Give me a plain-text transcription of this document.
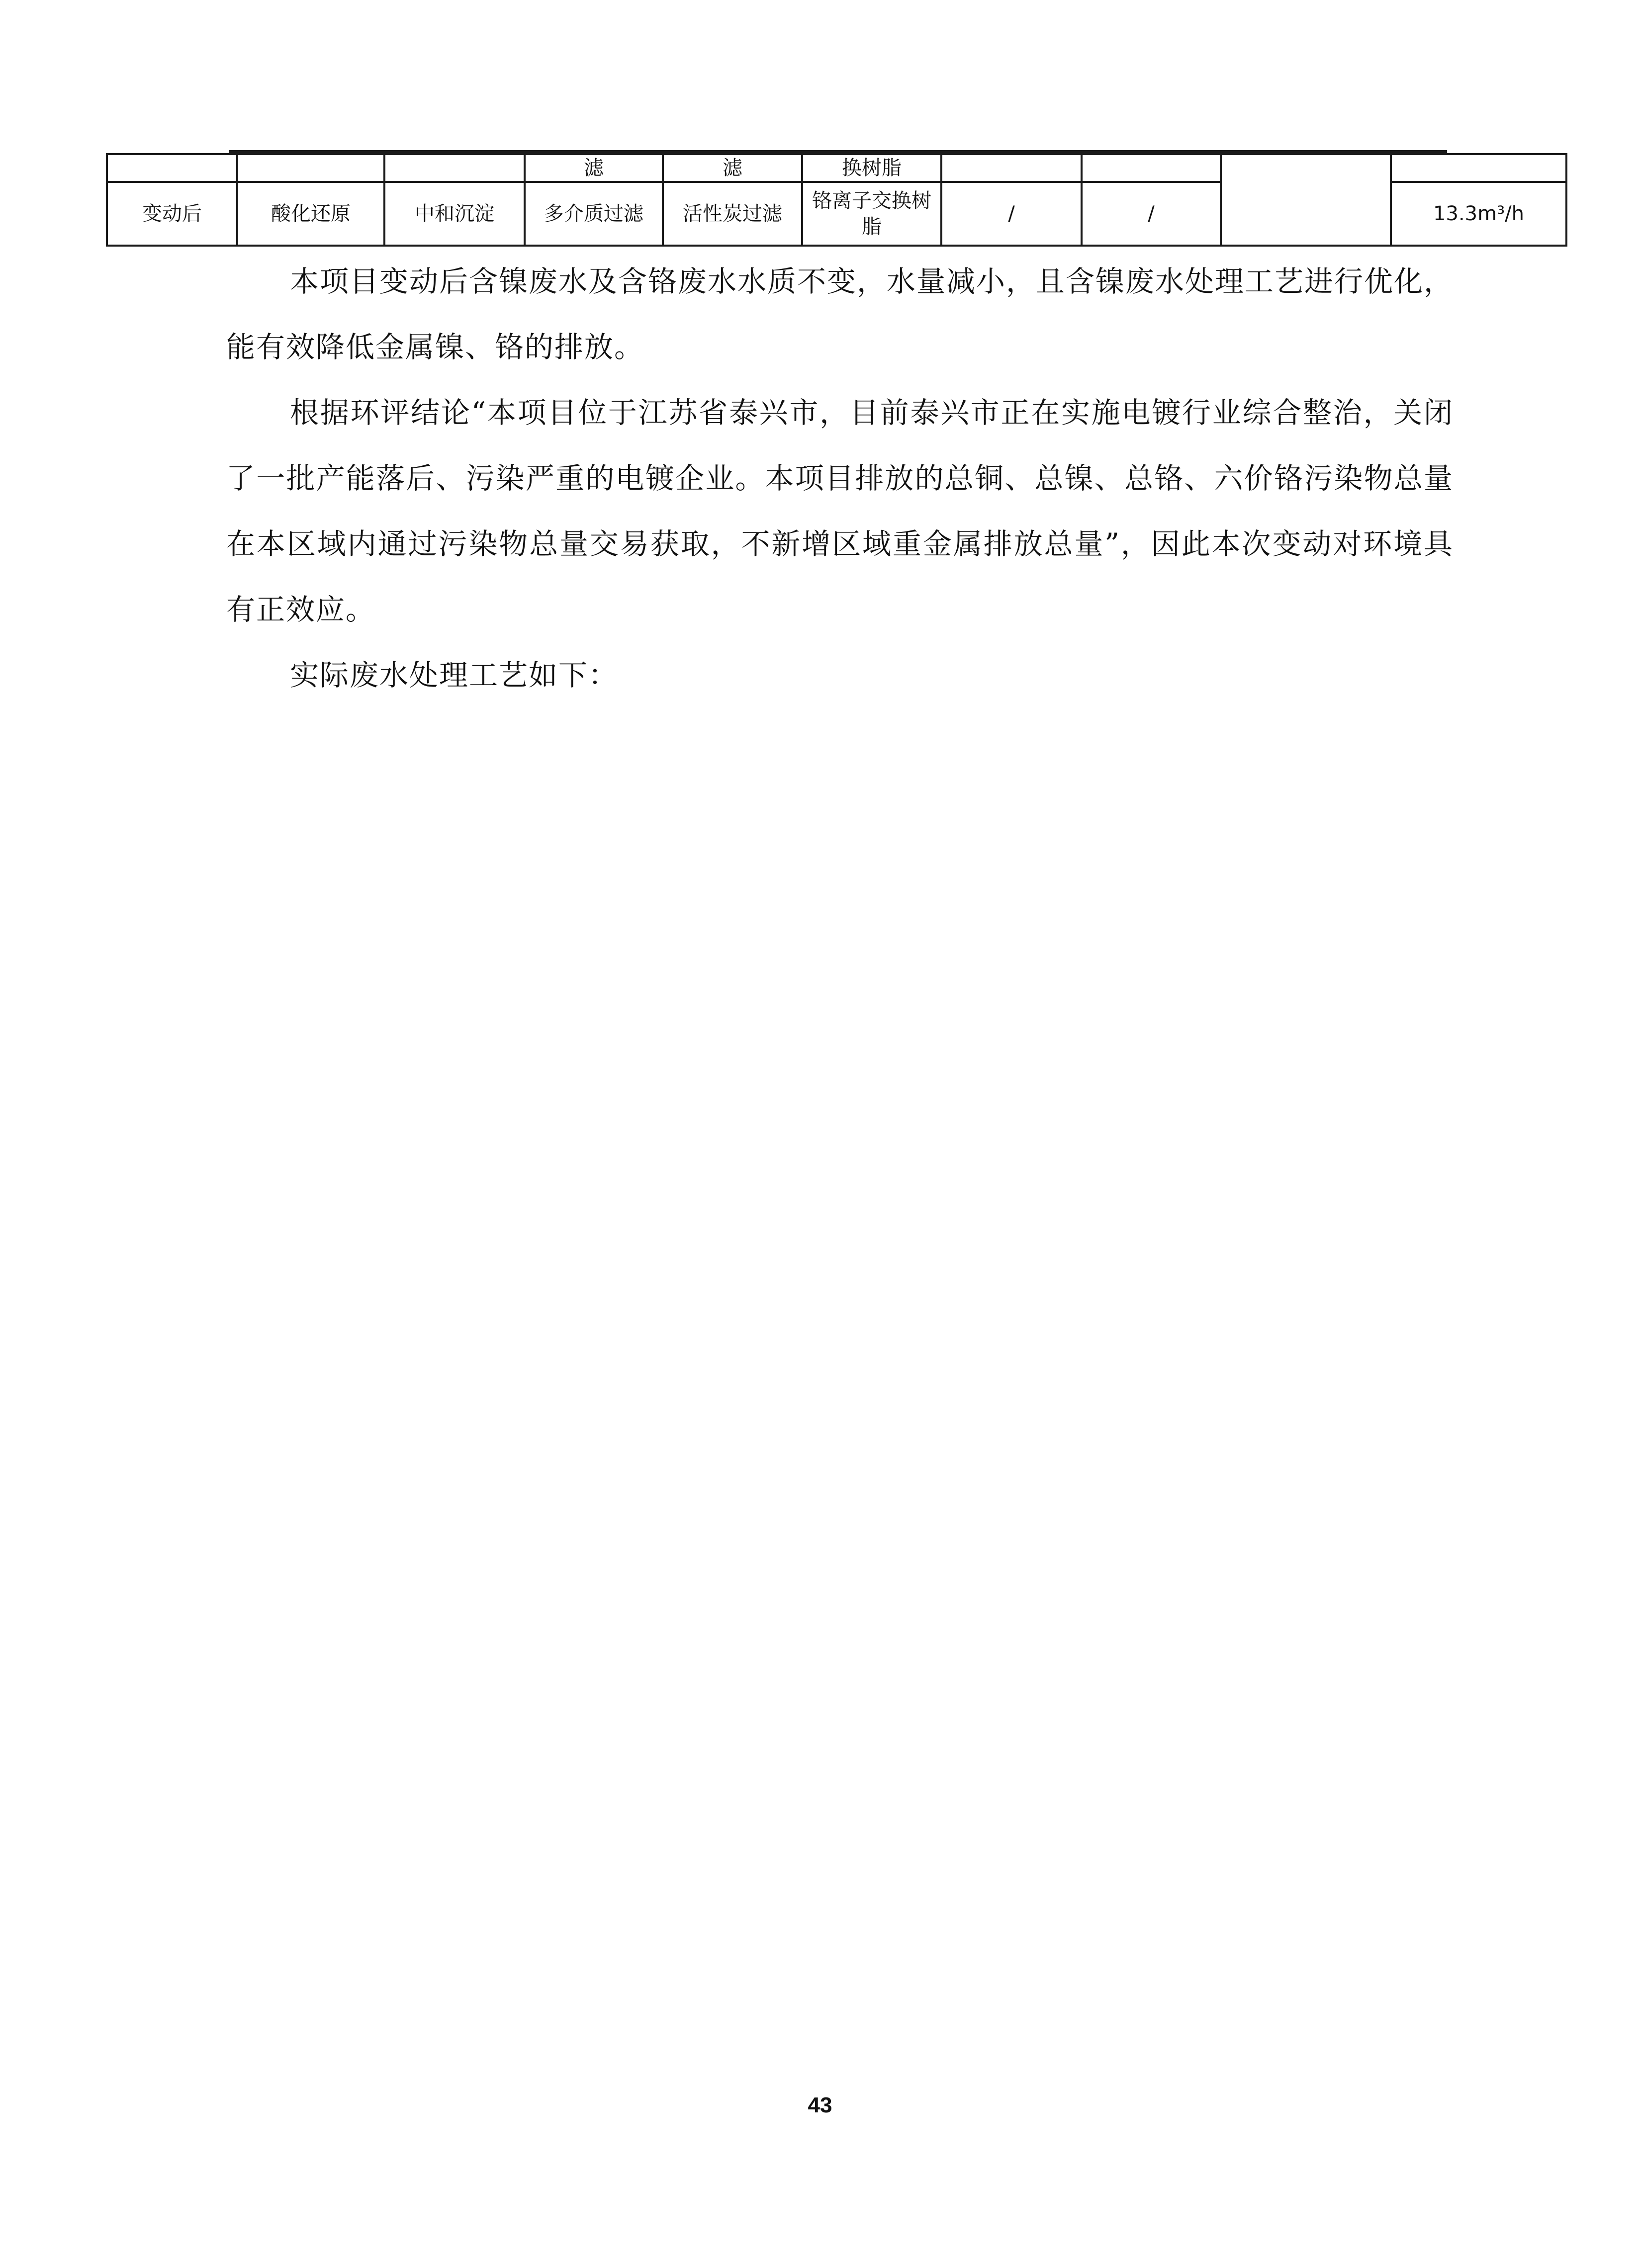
			滤	滤	换树脂				
变动后	酸化还原	中和沉淀	多介质过滤	活性炭过滤	铬离子交换树脂	/	/		13.3m³/h

本项目变动后含镍废水及含铬废水水质不变，水量减小，且含镍废水处理工艺进行优化，能有效降低金属镍、铬的排放。

根据环评结论“本项目位于江苏省泰兴市，目前泰兴市正在实施电镀行业综合整治，关闭了一批产能落后、污染严重的电镀企业。本项目排放的总铜、总镍、总铬、六价铬污染物总量在本区域内通过污染物总量交易获取，不新增区域重金属排放总量”，因此本次变动对环境具有正效应。

实际废水处理工艺如下：

43
